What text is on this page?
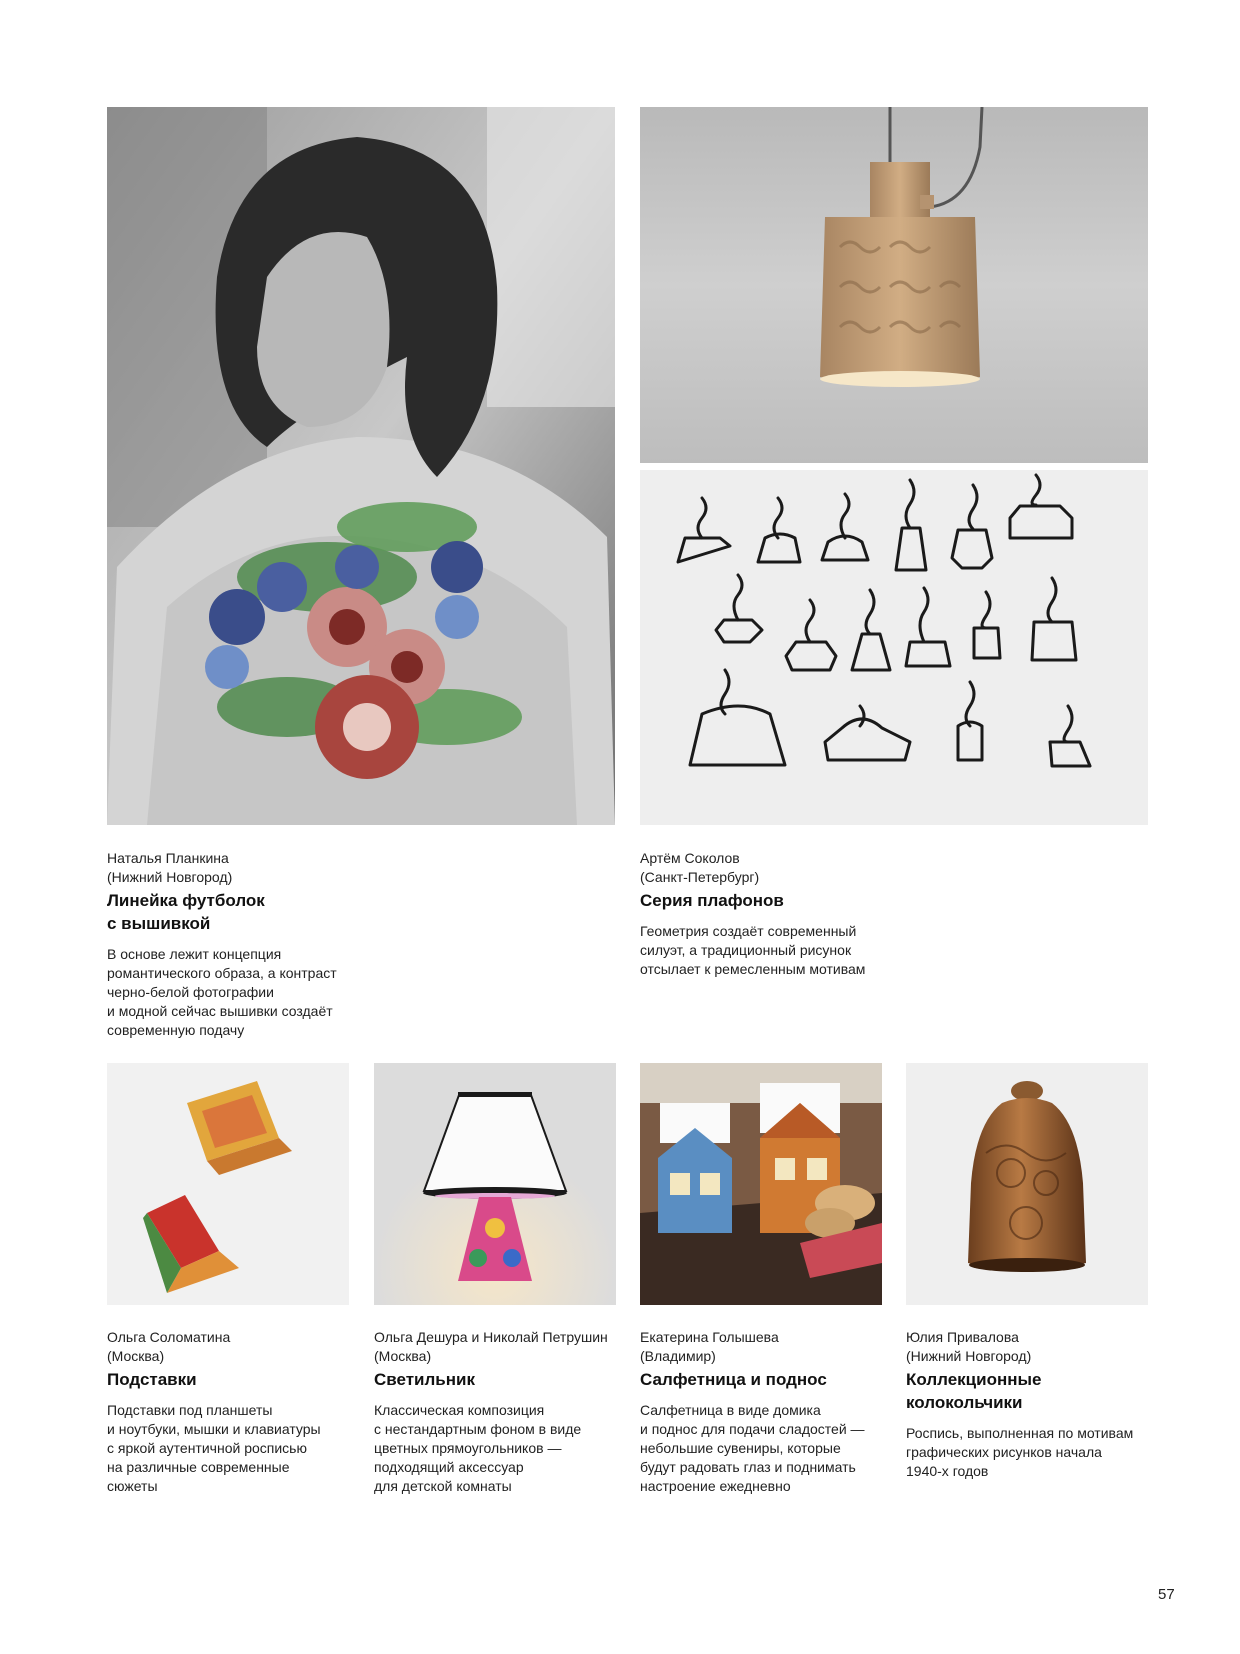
Наталья Планкина
(Нижний Новгород)
Линейка футболок
с вышивкой
В основе лежит концепция
романтического образа, а контраст
черно-белой фотографии
и модной сейчас вышивки создаёт
современную подачу
Артём Соколов
(Санкт-Петербург)
Серия плафонов
Геометрия создаёт современный
силуэт, а традиционный рисунок
отсылает к ремесленным мотивам
Ольга Соломатина
(Москва)
Подставки
Подставки под планшеты
и ноутбуки, мышки и клавиатуры
с яркой аутентичной росписью
на различные современные
сюжеты
Ольга Дешура и Николай Петрушин
(Москва)
Светильник
Классическая композиция
с нестандартным фоном в виде
цветных прямоугольников —
подходящий аксессуар
для детской комнаты
Екатерина Голышева
(Владимир)
Салфетница и поднос
Салфетница в виде домика
и поднос для подачи сладостей —
небольшие сувениры, которые
будут радовать глаз и поднимать
настроение ежедневно
Юлия Привалова
(Нижний Новгород)
Коллекционные
колокольчики
Роспись, выполненная по мотивам
графических рисунков начала
1940-х годов
57
